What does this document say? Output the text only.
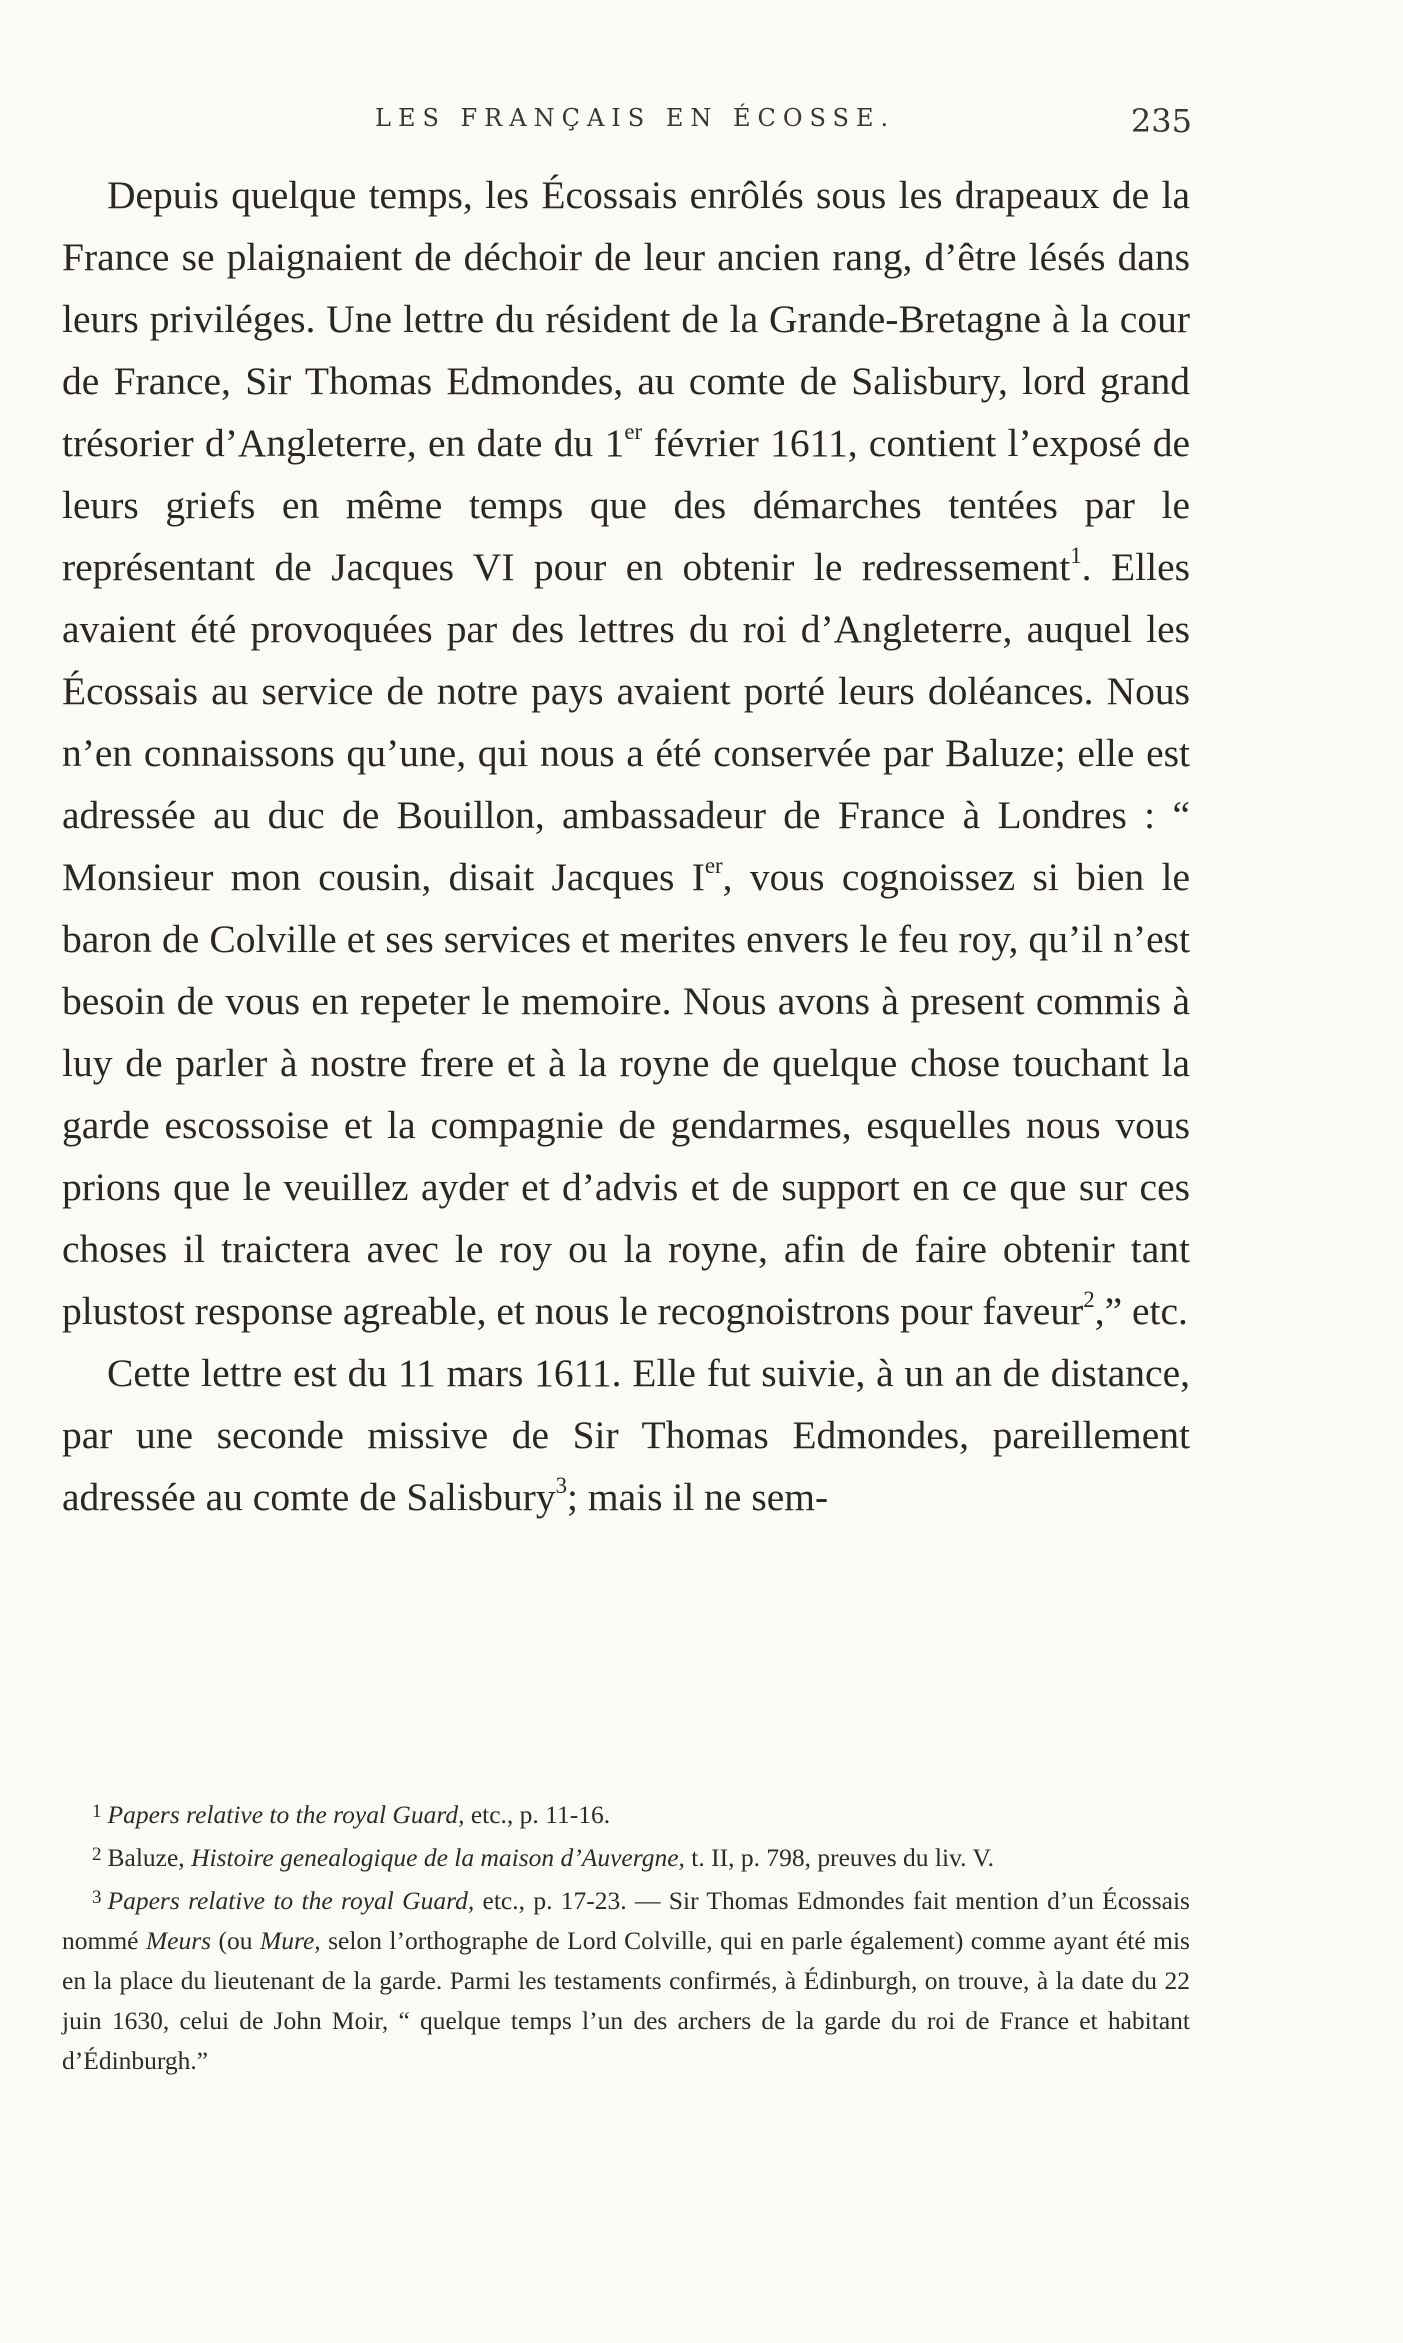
LES FRANÇAIS EN ÉCOSSE.	235

Depuis quelque temps, les Écossais enrôlés sous les drapeaux de la France se plaignaient de déchoir de leur ancien rang, d’être lésés dans leurs priviléges. Une lettre du résident de la Grande-Bretagne à la cour de France, Sir Thomas Edmondes, au comte de Salisbury, lord grand trésorier d’Angleterre, en date du 1er février 1611, contient l’exposé de leurs griefs en même temps que des démarches tentées par le représentant de Jacques VI pour en obtenir le redressement$^1$. Elles avaient été provoquées par des lettres du roi d’Angleterre, auquel les Écossais au service de notre pays avaient porté leurs doléances. Nous n’en connaissons qu’une, qui nous a été conservée par Baluze; elle est adressée au duc de Bouillon, ambassadeur de France à Londres : “ Monsieur mon cousin, disait Jacques Ier, vous cognoissez si bien le baron de Colville et ses services et merites envers le feu roy, qu’il n’est besoin de vous en repeter le memoire. Nous avons à present commis à luy de parler à nostre frere et à la royne de quelque chose touchant la garde escossoise et la compagnie de gendarmes, esquelles nous vous prions que le veuillez ayder et d’advis et de support en ce que sur ces choses il traictera avec le roy ou la royne, afin de faire obtenir tant plustost response agreable, et nous le recognoistrons pour faveur$^2$,” etc.

Cette lettre est du 11 mars 1611. Elle fut suivie, à un an de distance, par une seconde missive de Sir Thomas Edmondes, pareillement adressée au comte de Salisbury$^3$; mais il ne sem-

$^1$ Papers relative to the royal Guard, etc., p. 11-16.

$^2$ Baluze, Histoire genealogique de la maison d’Auvergne, t. II, p. 798, preuves du liv. V.

$^3$ Papers relative to the royal Guard, etc., p. 17-23. — Sir Thomas Edmondes fait mention d’un Écossais nommé Meurs (ou Mure, selon l’orthographe de Lord Colville, qui en parle également) comme ayant été mis en la place du lieutenant de la garde. Parmi les testaments confirmés, à Édinburgh, on trouve, à la date du 22 juin 1630, celui de John Moir, “ quelque temps l’un des archers de la garde du roi de France et habitant d’Édinburgh.”
